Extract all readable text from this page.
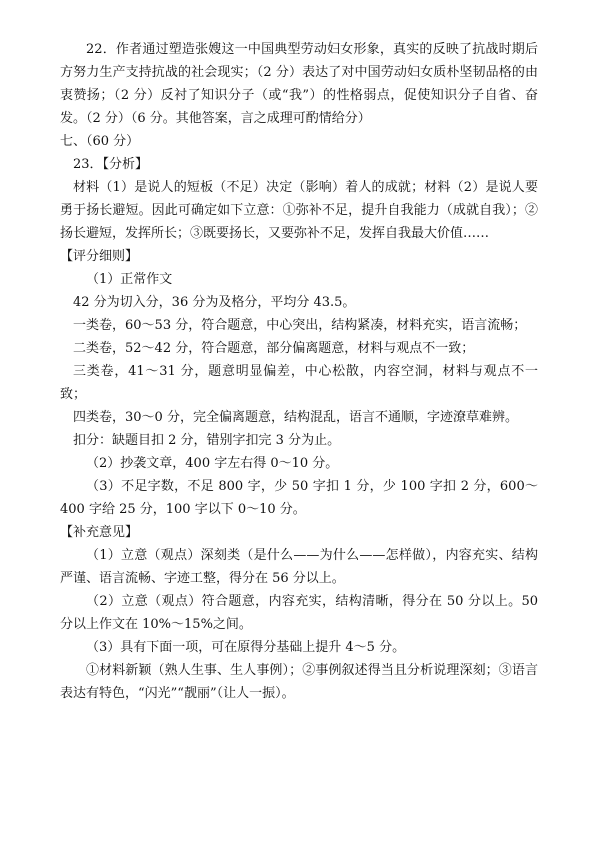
22．作者通过塑造张嫂这一中国典型劳动妇女形象，真实的反映了抗战时期后方努力生产支持抗战的社会现实；（2 分）表达了对中国劳动妇女质朴坚韧品格的由衷赞扬；（2 分）反衬了知识分子（或“我”）的性格弱点，促使知识分子自省、奋发。（2 分）（6 分。其他答案，言之成理可酌情给分）

七、（60 分）

23．【分析】

材料（1）是说人的短板（不足）决定（影响）着人的成就；材料（2）是说人要勇于扬长避短。因此可确定如下立意：①弥补不足，提升自我能力（成就自我）；②扬长避短，发挥所长；③既要扬长，又要弥补不足，发挥自我最大价值……

【评分细则】

（1）正常作文

42 分为切入分，36 分为及格分，平均分 43.5。

一类卷，60～53 分，符合题意，中心突出，结构紧凑，材料充实，语言流畅；

二类卷，52～42 分，符合题意，部分偏离题意，材料与观点不一致；

三类卷，41～31 分，题意明显偏差，中心松散，内容空洞，材料与观点不一致；

四类卷，30～0 分，完全偏离题意，结构混乱，语言不通顺，字迹潦草难辨。

扣分：缺题目扣 2 分，错别字扣完 3 分为止。

（2）抄袭文章，400 字左右得 0～10 分。

（3）不足字数，不足 800 字，少 50 字扣 1 分，少 100 字扣 2 分，600～400 字给 25 分，100 字以下 0～10 分。

【补充意见】

（1）立意（观点）深刻类（是什么——为什么——怎样做），内容充实、结构严谨、语言流畅、字迹工整，得分在 56 分以上。

（2）立意（观点）符合题意，内容充实，结构清晰，得分在 50 分以上。50 分以上作文在 10%～15%之间。

（3）具有下面一项，可在原得分基础上提升 4～5 分。

①材料新颖（熟人生事、生人事例）；②事例叙述得当且分析说理深刻；③语言表达有特色，“闪光”“靓丽”（让人一振）。
